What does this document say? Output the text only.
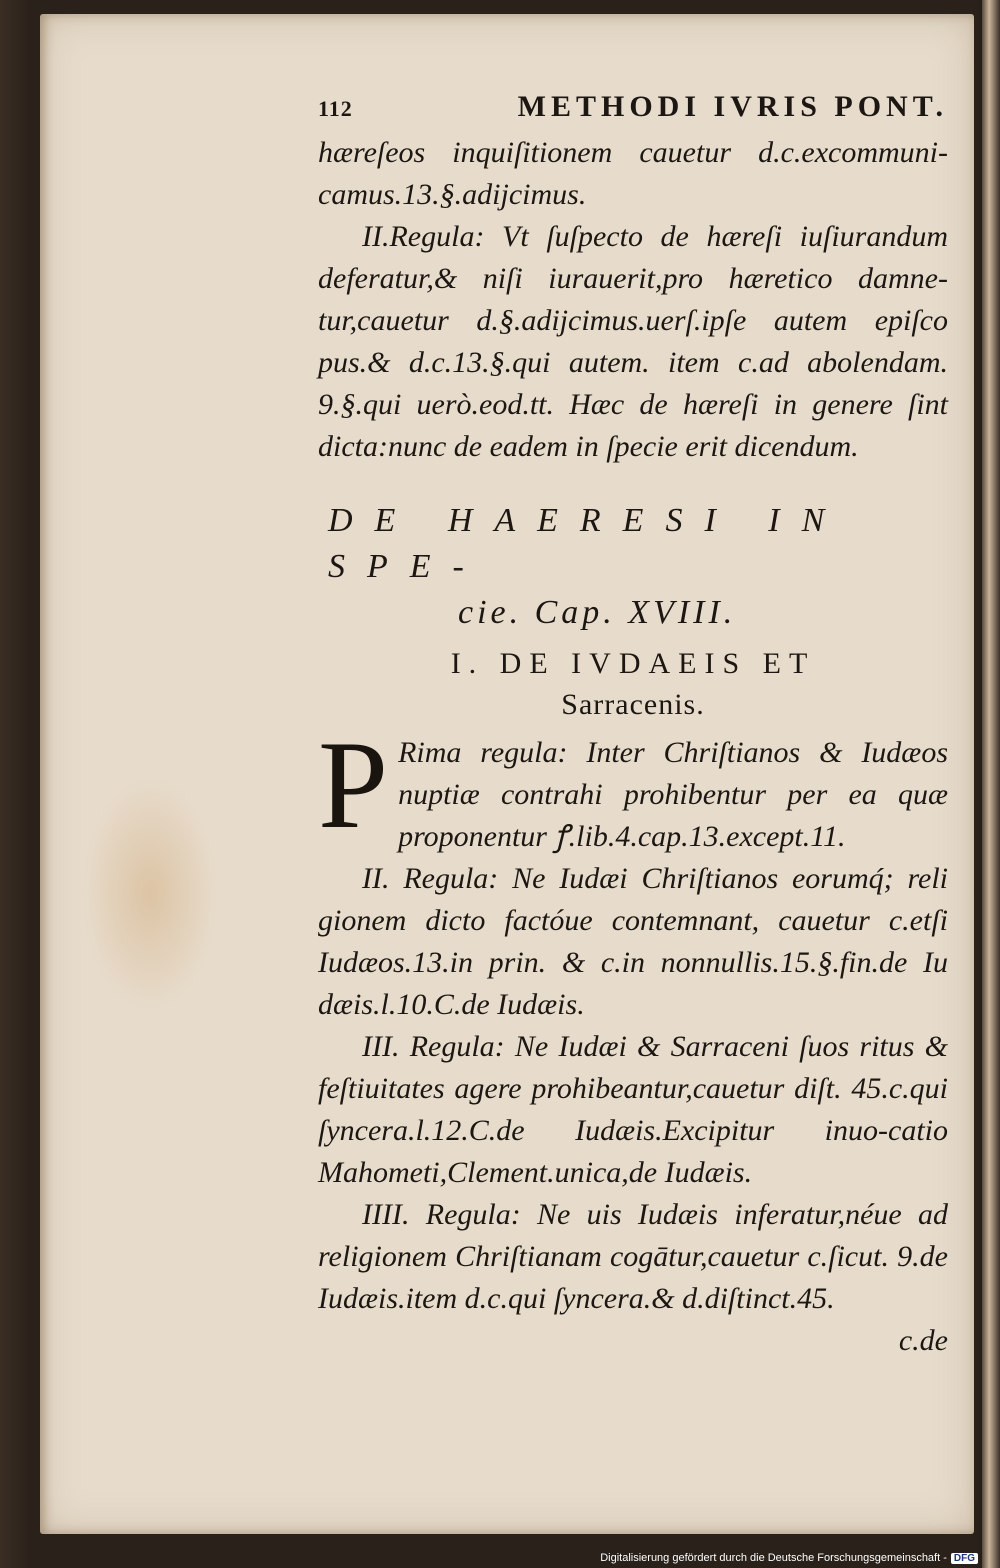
112	METHODI IVRIS PONT.

hæreſeos inquiſitionem cauetur d.c.excommuni-camus.13.§.adijcimus.

II.Regula: Vt ſuſpecto de hæreſi iuſiurandum deferatur,& niſi iurauerit,pro hæretico damne-tur,cauetur d.§.adijcimus.uerſ.ipſe autem epiſco pus.& d.c.13.§.qui autem. item c.ad abolendam. 9.§.qui uerò.eod.tt. Hæc de hæreſi in genere ſint dicta:nunc de eadem in ſpecie erit dicendum.

DE HAERESI IN SPE-
cie. Cap. XVIII.
I. DE IVDAEIS ET
Sarracenis.
P Rima regula: Inter Chriſtianos & Iudæos nuptiæ contrahi prohibentur per ea quæ proponentur ꝭ.lib.4.cap.13.except.11.

II. Regula: Ne Iudæi Chriſtianos eorumq́; reli gionem dicto factóue contemnant, cauetur c.etſi Iudæos.13.in prin. & c.in nonnullis.15.§.fin.de Iu dæis.l.10.C.de Iudæis.

III. Regula: Ne Iudæi & Sarraceni ſuos ritus & feſtiuitates agere prohibeantur,cauetur diſt. 45.c.qui ſyncera.l.12.C.de Iudæis.Excipitur inuo-catio Mahometi,Clement.unica,de Iudæis.

IIII. Regula: Ne uis Iudæis inferatur,néue ad religionem Chriſtianam cogātur,cauetur c.ſicut. 9.de Iudæis.item d.c.qui ſyncera.& d.diſtinct.45.

c.de
Digitalisierung gefördert durch die Deutsche Forschungsgemeinschaft - DFG
